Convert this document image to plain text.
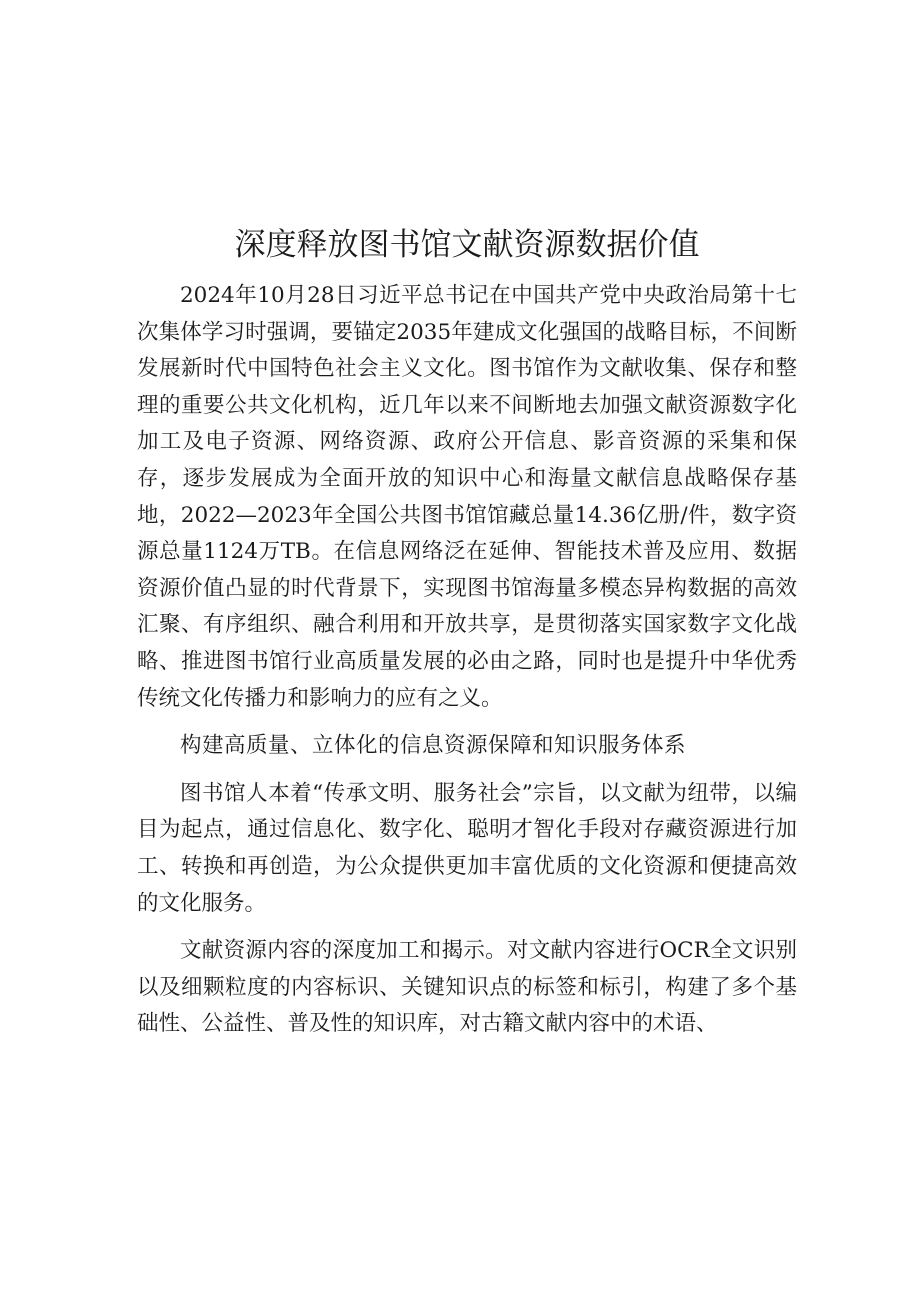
深度释放图书馆文献资源数据价值

2024年10月28日习近平总书记在中国共产党中央政治局第十七次集体学习时强调，要锚定2035年建成文化强国的战略目标，不间断发展新时代中国特色社会主义文化。图书馆作为文献收集、保存和整理的重要公共文化机构，近几年以来不间断地去加强文献资源数字化加工及电子资源、网络资源、政府公开信息、影音资源的采集和保存，逐步发展成为全面开放的知识中心和海量文献信息战略保存基地，2022—2023年全国公共图书馆馆藏总量14.36亿册/件，数字资源总量1124万TB。在信息网络泛在延伸、智能技术普及应用、数据资源价值凸显的时代背景下，实现图书馆海量多模态异构数据的高效汇聚、有序组织、融合利用和开放共享，是贯彻落实国家数字文化战略、推进图书馆行业高质量发展的必由之路，同时也是提升中华优秀传统文化传播力和影响力的应有之义。

构建高质量、立体化的信息资源保障和知识服务体系

图书馆人本着“传承文明、服务社会”宗旨，以文献为纽带，以编目为起点，通过信息化、数字化、聪明才智化手段对存藏资源进行加工、转换和再创造，为公众提供更加丰富优质的文化资源和便捷高效的文化服务。

文献资源内容的深度加工和揭示。对文献内容进行OCR全文识别以及细颗粒度的内容标识、关键知识点的标签和标引，构建了多个基础性、公益性、普及性的知识库，对古籍文献内容中的术语、
